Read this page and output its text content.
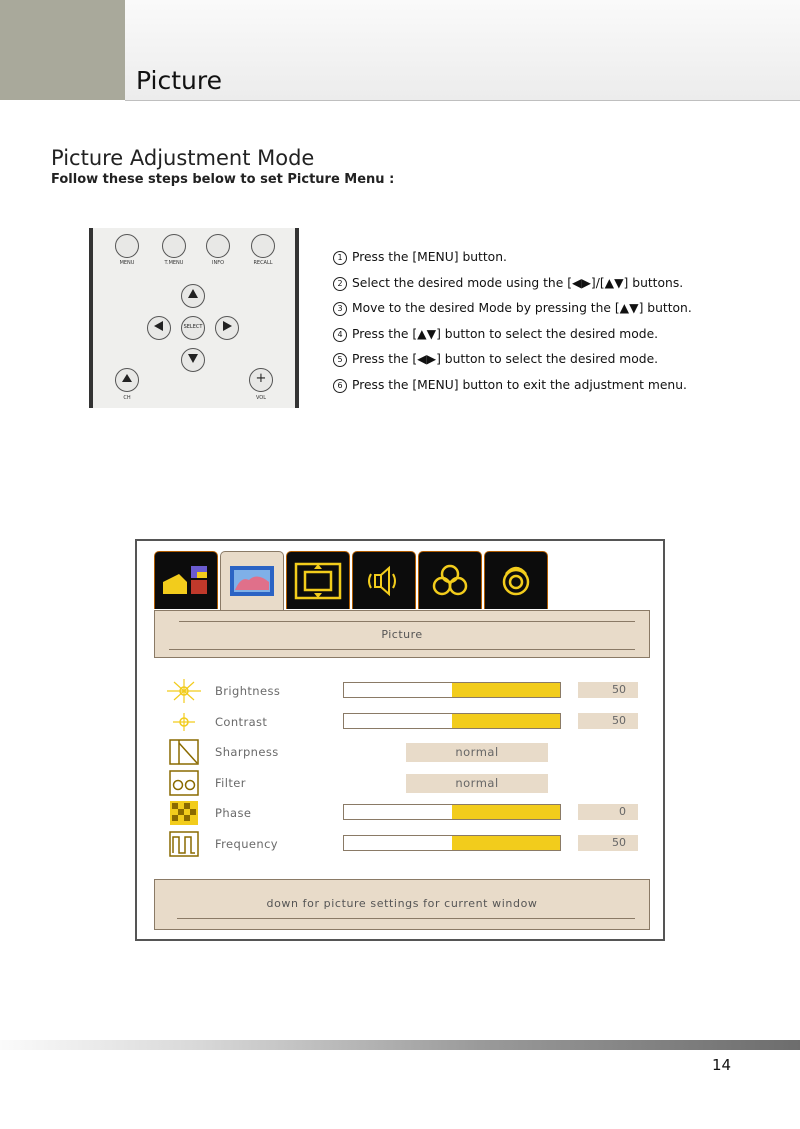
Picture
Picture Adjustment Mode
Follow these steps below to set Picture Menu :
MENU	T.MENU	INFO	RECALL
SELECT
+
CH	VOL
1 Press the [MENU] button.
2 Select the desired mode using the [◀▶]/[▲▼] buttons.
3 Move to the desired Mode by pressing the [▲▼] button.
4 Press the [▲▼] button to select the desired mode.
5 Press the [◀▶] button to select the desired mode.
6 Press the [MENU] button to exit the adjustment menu.
Picture
Brightness	50
Contrast	50
Sharpness	normal
Filter	normal
Phase	0
Frequency	50
down for picture settings for current window
14
